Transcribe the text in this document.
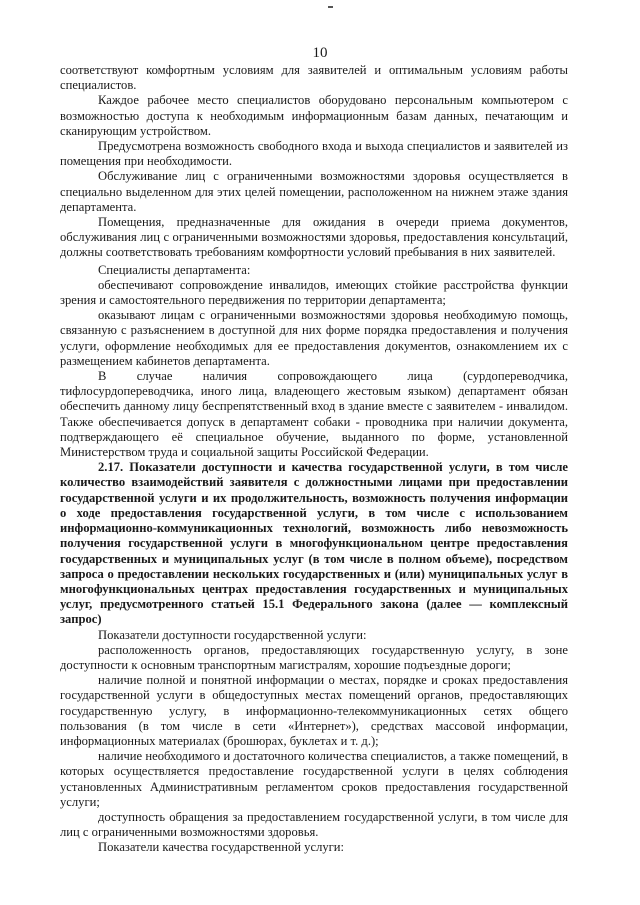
10

соответствуют комфортным условиям для заявителей и оптимальным условиям работы специалистов.

Каждое рабочее место специалистов оборудовано персональным компьютером с возможностью доступа к необходимым информационным базам данных, печатающим и сканирующим устройством.

Предусмотрена возможность свободного входа и выхода специалистов и заявителей из помещения при необходимости.

Обслуживание лиц с ограниченными возможностями здоровья осуществляется в специально выделенном для этих целей помещении, расположенном на нижнем этаже здания департамента.

Помещения, предназначенные для ожидания в очереди приема документов, обслуживания лиц с ограниченными возможностями здоровья, предоставления консультаций, должны соответствовать требованиям комфортности условий пребывания в них заявителей.

Специалисты департамента:

обеспечивают сопровождение инвалидов, имеющих стойкие расстройства функции зрения и самостоятельного передвижения по территории департамента;

оказывают лицам с ограниченными возможностями здоровья необходимую помощь, связанную с разъяснением в доступной для них форме порядка предоставления и получения услуги, оформление необходимых для ее предоставления документов, ознакомлением их с размещением кабинетов департамента.

В случае наличия сопровождающего лица (сурдопереводчика, тифлосурдопереводчика, иного лица, владеющего жестовым языком) департамент обязан обеспечить данному лицу беспрепятственный вход в здание вместе с заявителем - инвалидом. Также обеспечивается допуск в департамент собаки - проводника при наличии документа, подтверждающего её специальное обучение, выданного по форме, установленной Министерством труда и социальной защиты Российской Федерации.

2.17. Показатели доступности и качества государственной услуги, в том числе количество взаимодействий заявителя с должностными лицами при предоставлении государственной услуги и их продолжительность, возможность получения информации о ходе предоставления государственной услуги, в том числе с использованием информационно-коммуникационных технологий, возможность либо невозможность получения государственной услуги в многофункциональном центре предоставления государственных и муниципальных услуг (в том числе в полном объеме), посредством запроса о предоставлении нескольких государственных и (или) муниципальных услуг в многофункциональных центрах предоставления государственных и муниципальных услуг, предусмотренного статьей 15.1 Федерального закона (далее — комплексный запрос)

Показатели доступности государственной услуги:

расположенность органов, предоставляющих государственную услугу, в зоне доступности к основным транспортным магистралям, хорошие подъездные дороги;

наличие полной и понятной информации о местах, порядке и сроках предоставления государственной услуги в общедоступных местах помещений органов, предоставляющих государственную услугу, в информационно-телекоммуникационных сетях общего пользования (в том числе в сети «Интернет»), средствах массовой информации, информационных материалах (брошюрах, буклетах и т. д.);

наличие необходимого и достаточного количества специалистов, а также помещений, в которых осуществляется предоставление государственной услуги в целях соблюдения установленных Административным регламентом сроков предоставления государственной услуги;

доступность обращения за предоставлением государственной услуги, в том числе для лиц с ограниченными возможностями здоровья.

Показатели качества государственной услуги:
